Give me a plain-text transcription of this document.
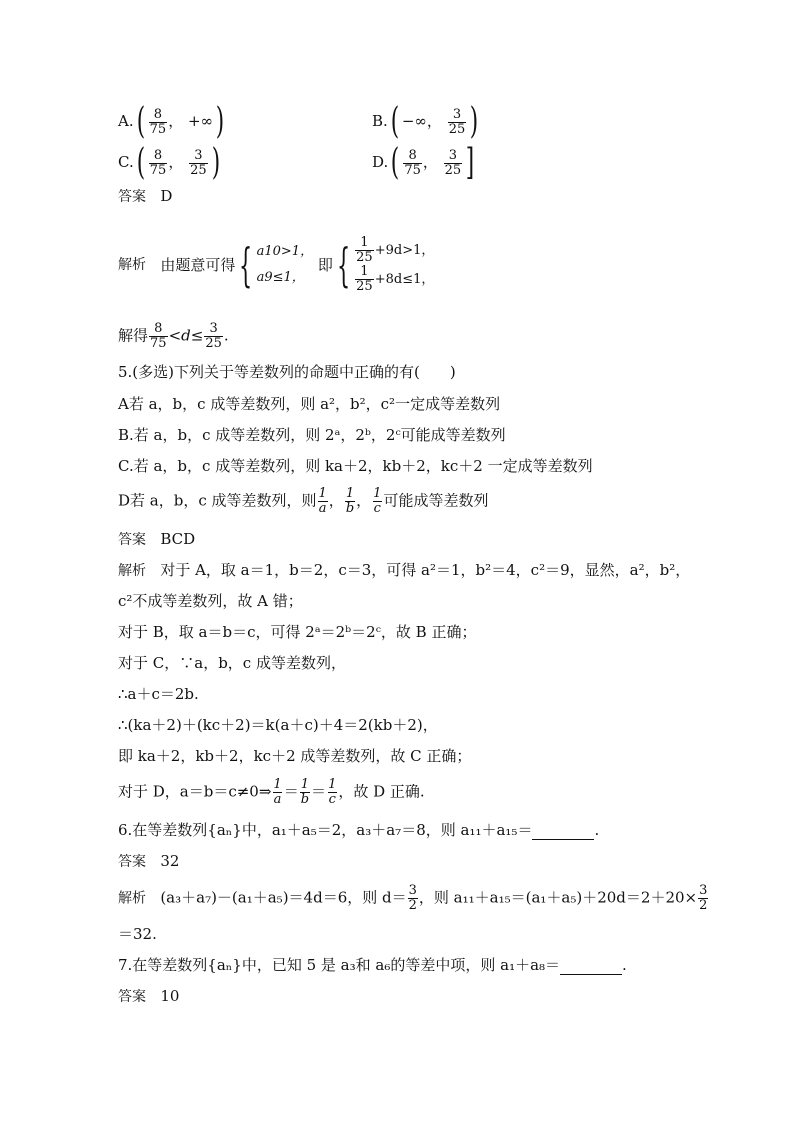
$A.( \frac{8}{75}$ ， +∞)	B.( −∞， $\frac{3}{25}$ )
$C.( \frac{8}{75}$ ， $\frac{3}{25}$ )	$D.( \frac{8}{75}$ ， $\frac{3}{25}$ ]
答案 D
解析
由题意可得 { a10>1，
a9≤1，

即 { $\frac{1}{25} +9d>1$，
$\frac{1}{25} +8d\le 1$，
解得 $\frac{8}{75} <d\le \frac{3}{25}$ .
5.(多选)下列关于等差数列的命题中正确的有(　　)
A若 a，b，c 成等差数列，则 a²，b²，c²一定成等差数列
B.若 a，b，c 成等差数列，则 2ᵃ，2ᵇ，2ᶜ可能成等差数列
C.若 a，b，c 成等差数列，则 ka＋2，kb＋2，kc＋2 一定成等差数列
D若 a，b，c 成等差数列，则 $\frac{1}{a}$ ， $\frac{1}{b}$ ， $\frac{1}{c}$ 可能成等差数列
答案 BCD
解析 对于 A，取 a＝1，b＝2，c＝3，可得 a²＝1，b²＝4，c²＝9，显然，a²，b²，
c²不成等差数列，故 A 错；
对于 B，取 a＝b＝c，可得 2ᵃ＝2ᵇ＝2ᶜ，故 B 正确；
对于 C，∵a，b，c 成等差数列，
∴a＋c＝2b.
∴(ka＋2)＋(kc＋2)＝k(a＋c)＋4＝2(kb＋2)，
即 ka＋2，kb＋2，kc＋2 成等差数列，故 C 正确；
对于 D，a＝b＝c≠0⇒ $\frac{1}{a} = \frac{1}{b} = \frac{1}{c}$ ，故 D 正确.
6.在等差数列{aₙ}中，a₁＋a₅＝2，a₃＋a₇＝8，则 a₁₁＋a₁₅＝	.
答案 32
解析 (a₃＋a₇)－(a₁＋a₅)＝4d＝6，则 $d= \frac{3}{2}$ ，则 $a_{11}+a_{15}=(a_1+a_5)+20d=2+20\times \frac{3}{2}$
＝32.
7.在等差数列{aₙ}中，已知 5 是 a₃和 a₆的等差中项，则 a₁＋a₈＝	.
答案 10
